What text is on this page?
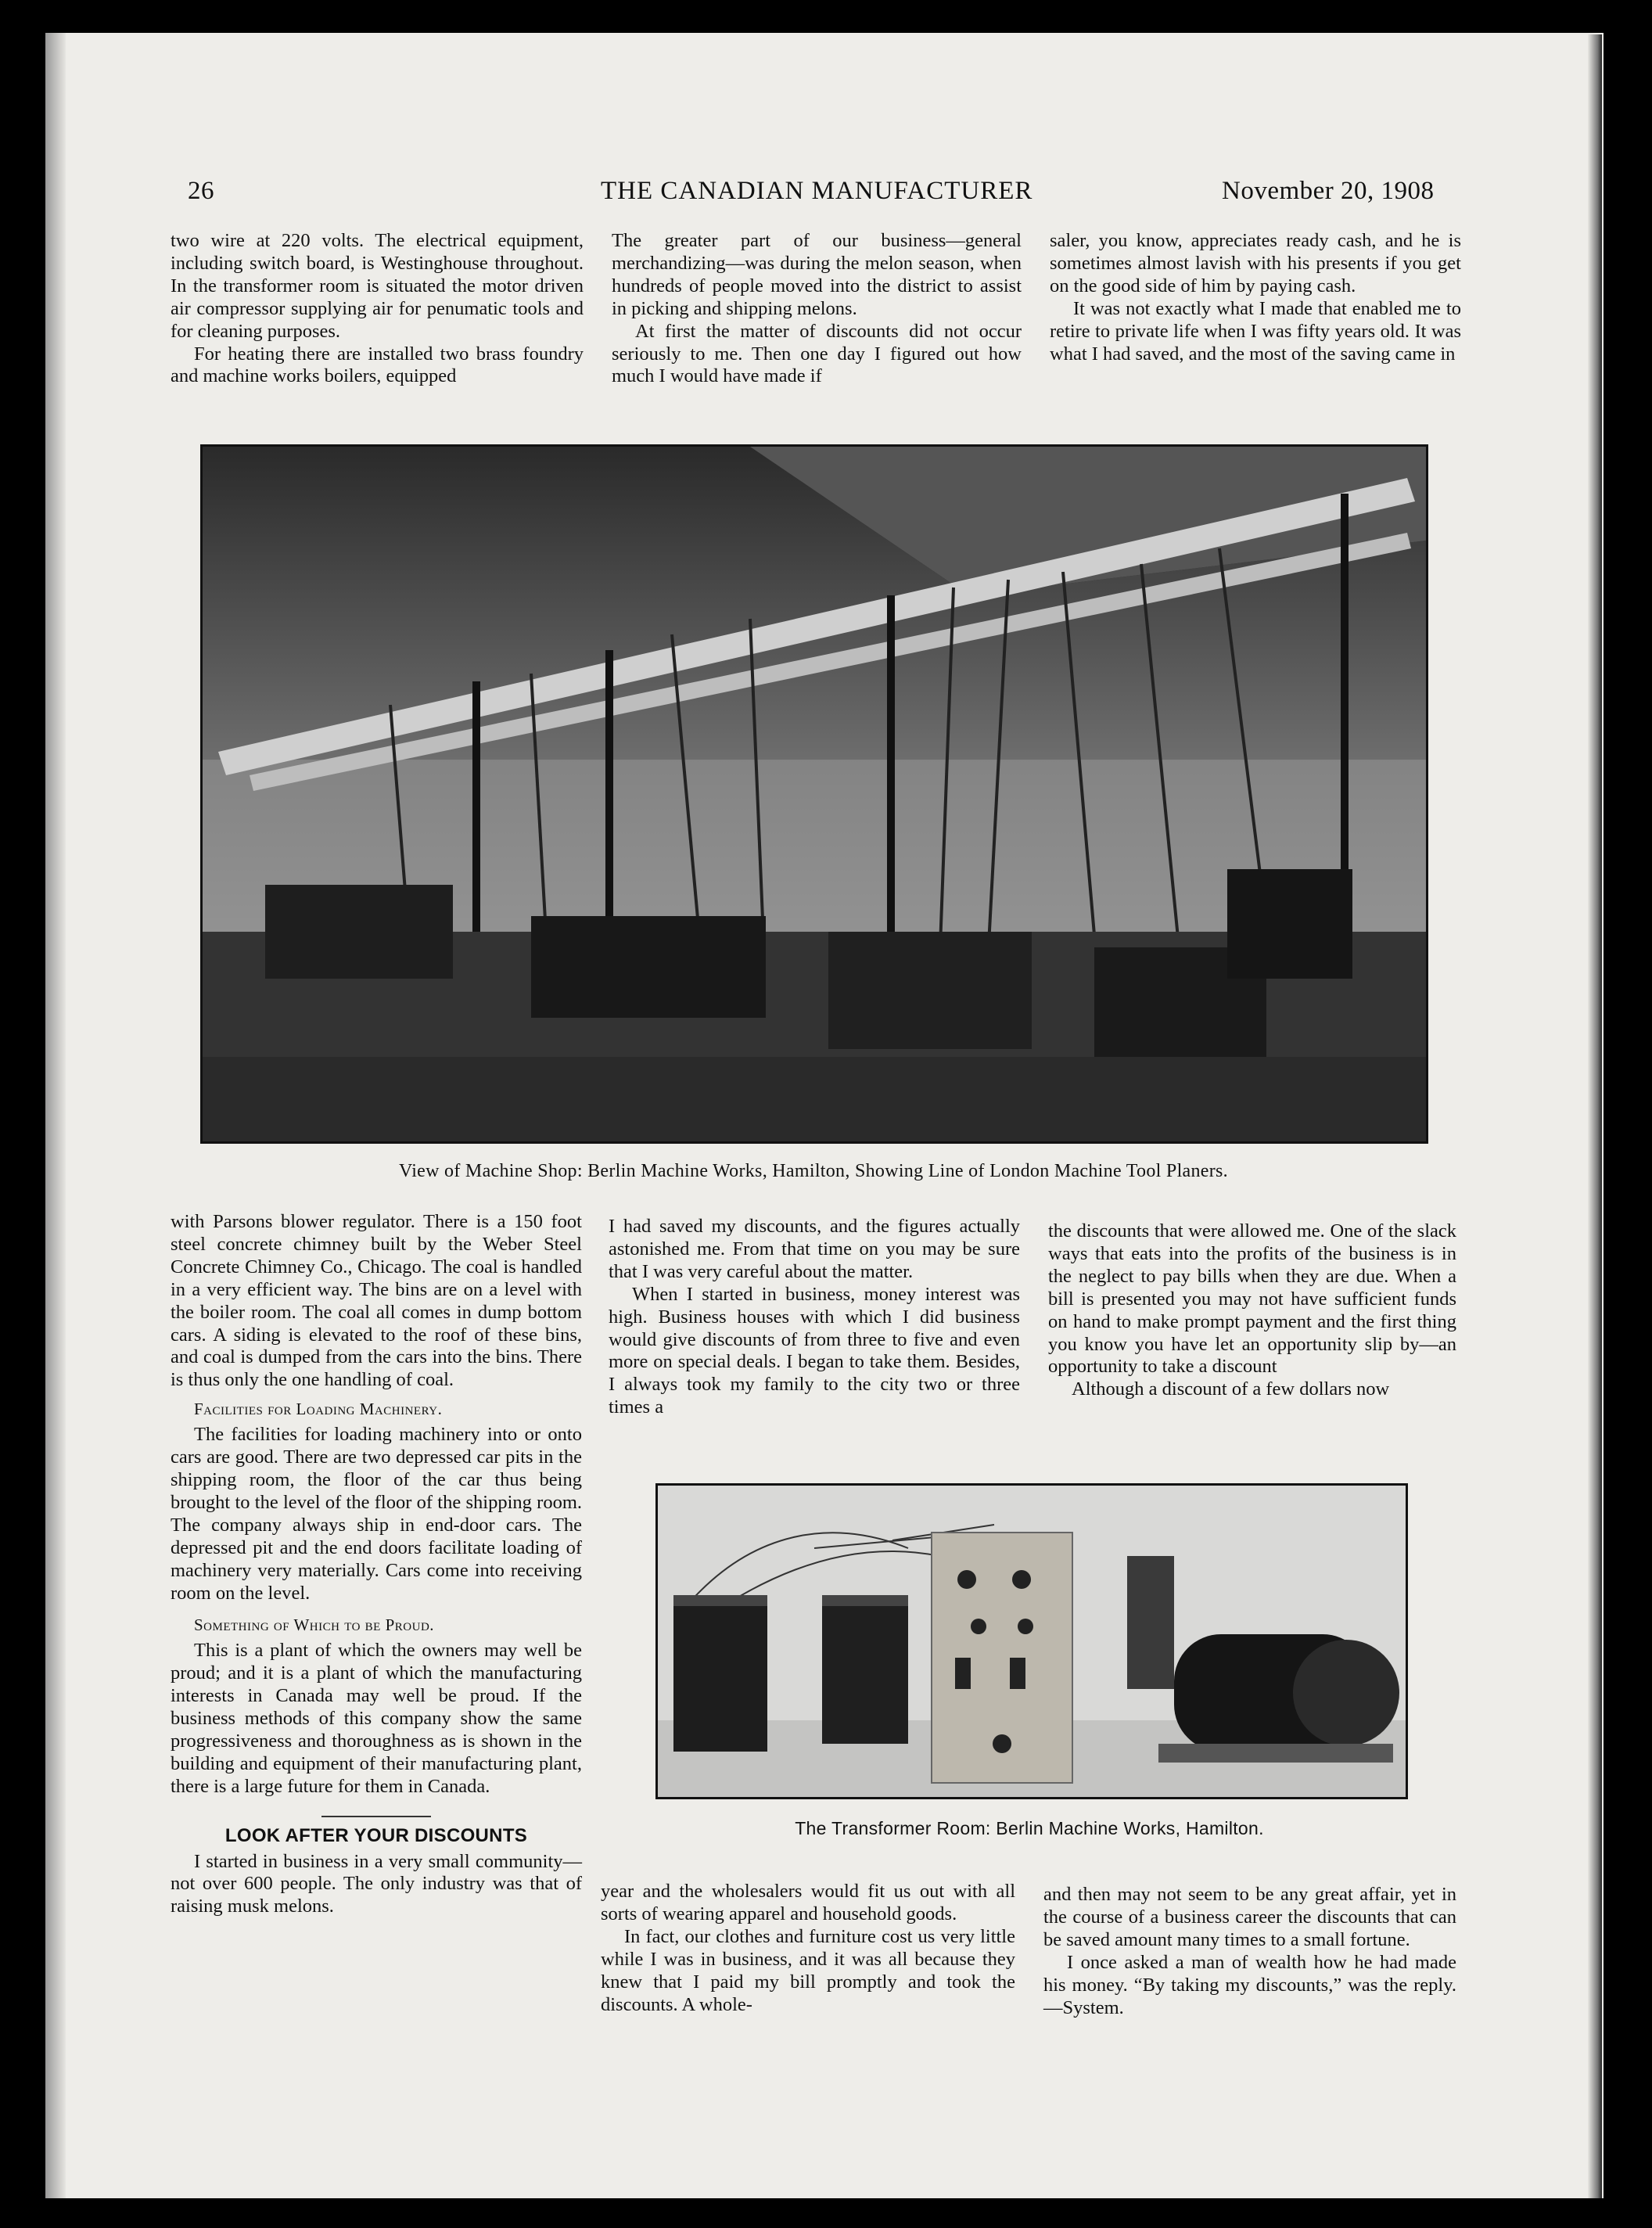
26	THE CANADIAN MANUFACTURER	November 20, 1908

two wire at 220 volts. The electrical equipment, including switch board, is Westinghouse throughout. In the transformer room is situated the motor driven air compressor supplying air for penumatic tools and for cleaning purposes.

For heating there are installed two brass foundry and machine works boilers, equipped

The greater part of our business—general merchandizing—was during the melon season, when hundreds of people moved into the district to assist in picking and shipping melons.

At first the matter of discounts did not occur seriously to me. Then one day I figured out how much I would have made if

saler, you know, appreciates ready cash, and he is sometimes almost lavish with his presents if you get on the good side of him by paying cash.

It was not exactly what I made that enabled me to retire to private life when I was fifty years old. It was what I had saved, and the most of the saving came in

View of Machine Shop: Berlin Machine Works, Hamilton, Showing Line of London Machine Tool Planers.

with Parsons blower regulator. There is a 150 foot steel concrete chimney built by the Weber Steel Concrete Chimney Co., Chicago. The coal is handled in a very efficient way. The bins are on a level with the boiler room. The coal all comes in dump bottom cars. A siding is elevated to the roof of these bins, and coal is dumped from the cars into the bins. There is thus only the one handling of coal.

Facilities for Loading Machinery.

The facilities for loading machinery into or onto cars are good. There are two depressed car pits in the shipping room, the floor of the car thus being brought to the level of the floor of the shipping room. The company always ship in end-door cars. The depressed pit and the end doors facilitate loading of machinery very materially. Cars come into receiving room on the level.

Something of Which to be Proud.

This is a plant of which the owners may well be proud; and it is a plant of which the manufacturing interests in Canada may well be proud. If the business methods of this company show the same progressiveness and thoroughness as is shown in the building and equipment of their manufacturing plant, there is a large future for them in Canada.

LOOK AFTER YOUR DISCOUNTS

I started in business in a very small community—not over 600 people. The only industry was that of raising musk melons.

I had saved my discounts, and the figures actually astonished me. From that time on you may be sure that I was very careful about the matter.

When I started in business, money interest was high. Business houses with which I did business would give discounts of from three to five and even more on special deals. I began to take them. Besides, I always took my family to the city two or three times a

the discounts that were allowed me. One of the slack ways that eats into the profits of the business is in the neglect to pay bills when they are due. When a bill is presented you may not have sufficient funds on hand to make prompt payment and the first thing you know you have let an opportunity slip by—an opportunity to take a discount

Although a discount of a few dollars now

The Transformer Room: Berlin Machine Works, Hamilton.

year and the wholesalers would fit us out with all sorts of wearing apparel and household goods.

In fact, our clothes and furniture cost us very little while I was in business, and it was all because they knew that I paid my bill promptly and took the discounts. A whole-

and then may not seem to be any great affair, yet in the course of a business career the discounts that can be saved amount many times to a small fortune.

I once asked a man of wealth how he had made his money. “By taking my discounts,” was the reply.—System.
